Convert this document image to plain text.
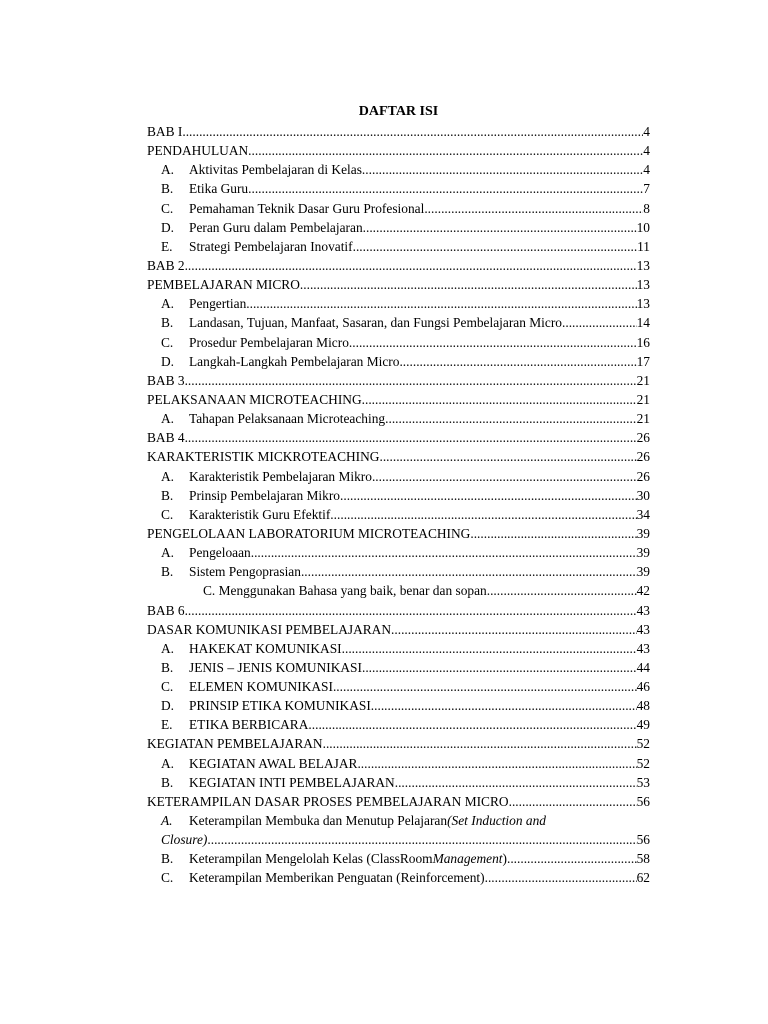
DAFTAR ISI
BAB I .....	4
PENDAHULUAN .....	4
A.	Aktivitas Pembelajaran di Kelas .....	4
B.	Etika Guru .....	7
C.	Pemahaman Teknik Dasar Guru Profesional .....	8
D.	Peran Guru dalam Pembelajaran .....	10
E.	Strategi Pembelajaran Inovatif .....	11
BAB 2 .....	13
PEMBELAJARAN MICRO .....	13
A.	Pengertian .....	13
B.	Landasan, Tujuan, Manfaat, Sasaran, dan Fungsi Pembelajaran Micro .....	14
C.	Prosedur Pembelajaran Micro .....	16
D.	Langkah-Langkah Pembelajaran Micro .....	17
BAB 3 .....	21
PELAKSANAAN MICROTEACHING .....	21
A.	Tahapan Pelaksanaan Microteaching .....	21
BAB 4 .....	26
KARAKTERISTIK MICKROTEACHING .....	26
A.	Karakteristik Pembelajaran Mikro .....	26
B.	Prinsip Pembelajaran Mikro .....	30
C.	Karakteristik Guru Efektif .....	34
PENGELOLAAN LABORATORIUM MICROTEACHING .....	39
A.	Pengeloaan .....	39
B.	Sistem Pengoprasian .....	39
C. Menggunakan Bahasa yang baik, benar dan sopan .....	42
BAB 6 .....	43
DASAR KOMUNIKASI PEMBELAJARAN .....	43
A.	HAKEKAT KOMUNIKASI .....	43
B.	JENIS – JENIS KOMUNIKASI .....	44
C.	ELEMEN KOMUNIKASI .....	46
D.	PRINSIP ETIKA KOMUNIKASI .....	48
E.	ETIKA BERBICARA .....	49
KEGIATAN PEMBELAJARAN .....	52
A.	KEGIATAN AWAL BELAJAR .....	52
B.	KEGIATAN INTI PEMBELAJARAN .....	53
KETERAMPILAN DASAR PROSES PEMBELAJARAN MICRO .....	56
A.	Keterampilan Membuka dan Menutup Pelajaran (Set Induction and
Closure) .....	56
B.	Keterampilan Mengelolah Kelas (ClassRoom Management ) .....	58
C.	Keterampilan Memberikan Penguatan (Reinforcement) .....	62
